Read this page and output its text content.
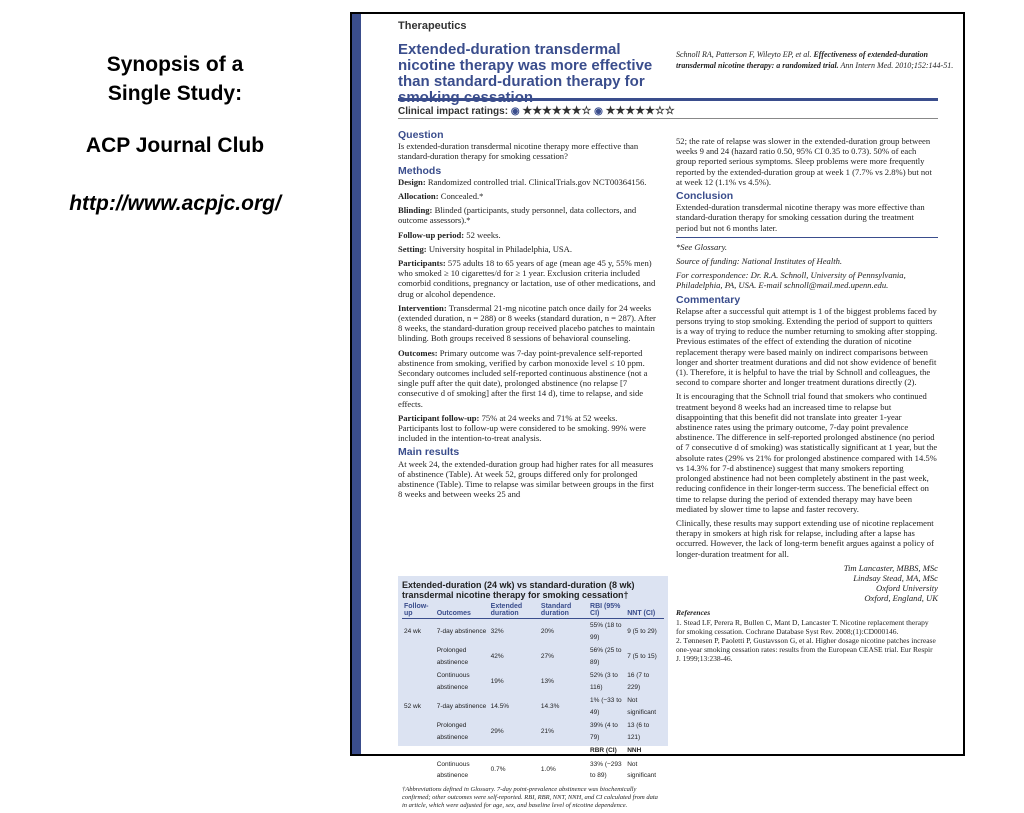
Synopsis of a
Single Study:
ACP Journal Club
http://www.acpjc.org/
Therapeutics
Extended-duration transdermal nicotine therapy was more effective than standard-duration therapy for
Schnoll RA, Patterson F, Wileyto EP, et al. Effectiveness of extended-duration transdermal nicotine therapy: a randomized trial. Ann Intern Med. 2010;152:144-51.
Clinical impact ratings: ◉ ★★★★★★☆ ◉ ★★★★★☆☆
Question

Is extended-duration transdermal nicotine therapy more effective than standard-duration therapy for smoking cessation?

Methods

Design: Randomized controlled trial. ClinicalTrials.gov NCT00364156.

Allocation: Concealed.*

Blinding: Blinded (participants, study personnel, data collectors, and outcome assessors).*

Follow-up period: 52 weeks.

Setting: University hospital in Philadelphia, USA.

Participants: 575 adults 18 to 65 years of age (mean age 45 y, 55% men) who smoked ≥ 10 cigarettes/d for ≥ 1 year. Exclusion criteria included comorbid conditions, pregnancy or lactation, use of other medications, and drug or alcohol dependence.

Intervention: Transdermal 21-mg nicotine patch once daily for 24 weeks (extended duration, n = 288) or 8 weeks (standard duration, n = 287). After 8 weeks, the standard-duration group received placebo patches to maintain blinding. Both groups received 8 sessions of behavioral counseling.

Outcomes: Primary outcome was 7-day point-prevalence self-reported abstinence from smoking, verified by carbon monoxide level ≤ 10 ppm. Secondary outcomes included self-reported continuous abstinence (not a single puff after the quit date), prolonged abstinence (no relapse [7 consecutive d of smoking] after the first 14 d), time to relapse, and side effects.

Participant follow-up: 75% at 24 weeks and 71% at 52 weeks. Participants lost to follow-up were considered to be smoking. 99% were included in the intention-to-treat analysis.

Main results

At week 24, the extended-duration group had higher rates for all measures of abstinence (Table). At week 52, groups differed only for prolonged abstinence (Table). Time to relapse was similar between groups in the first 8 weeks and between weeks 25 and

Extended-duration (24 wk) vs standard-duration (8 wk) transdermal nicotine therapy for smoking cessation†
Follow-up	Outcomes	Extended duration	Standard duration	RBI (95% CI)	NNT (CI)
24 wk	7-day abstinence	32%	20%	55% (18 to 99)	9 (5 to 29)
	Prolonged abstinence	42%	27%	56% (25 to 89)	7 (5 to 15)
	Continuous abstinence	19%	13%	52% (3 to 116)	16 (7 to 229)
52 wk	7-day abstinence	14.5%	14.3%	1% (−33 to 49)	Not significant
	Prolonged abstinence	29%	21%	39% (4 to 79)	13 (6 to 121)
				RBR (CI)	NNH
	Continuous abstinence	0.7%	1.0%	33% (−293 to 89)	Not significant
†Abbreviations defined in Glossary. 7-day point-prevalence abstinence was biochemically confirmed; other outcomes were self-reported. RBI, RBR, NNT, NNH, and CI calculated from data in article, which were adjusted for age, sex, and baseline level of nicotine dependence.

52; the rate of relapse was slower in the extended-duration group between weeks 9 and 24 (hazard ratio 0.50, 95% CI 0.35 to 0.73). 50% of each group reported serious symptoms. Sleep problems were more frequently reported by the extended-duration group at week 1 (7.7% vs 2.8%) but not at week 12 (1.1% vs 4.5%).

Conclusion

Extended-duration transdermal nicotine therapy was more effective than standard-duration therapy for smoking cessation during the treatment period but not 6 months later.

*See Glossary.

Source of funding: National Institutes of Health.

For correspondence: Dr. R.A. Schnoll, University of Pennsylvania, Philadelphia, PA, USA. E-mail schnoll@mail.med.upenn.edu.

Commentary

Relapse after a successful quit attempt is 1 of the biggest problems faced by persons trying to stop smoking. Extending the period of support to quitters is a way of trying to reduce the number returning to smoking after stopping. Previous estimates of the effect of extending the duration of nicotine replacement therapy were based mainly on indirect comparisons between longer and shorter treatment durations and did not show evidence of benefit (1). Therefore, it is helpful to have the trial by Schnoll and colleagues, the second to compare shorter and longer treatment durations directly (2).

It is encouraging that the Schnoll trial found that smokers who continued treatment beyond 8 weeks had an increased time to relapse but disappointing that this benefit did not translate into greater 1-year abstinence rates using the primary outcome, 7-day point prevalence abstinence. The difference in self-reported prolonged abstinence (no period of 7 consecutive d of smoking) was statistically significant at 1 year, but the absolute rates (29% vs 21% for prolonged abstinence compared with 14.5% vs 14.3% for 7-d abstinence) suggest that many smokers reporting prolonged abstinence had not been completely abstinent in the past week, reducing confidence in their longer-term success. The beneficial effect on time to relapse during the period of extended therapy may have been mediated by slower time to lapse and faster recovery.

Clinically, these results may support extending use of nicotine replacement therapy in smokers at high risk for relapse, including after a lapse has occurred. However, the lack of long-term benefit argues against a policy of longer-duration treatment for all.

Tim Lancaster, MBBS, MSc
Lindsay Stead, MA, MSc
Oxford University
Oxford, England, UK
References
1. Stead LF, Perera R, Bullen C, Mant D, Lancaster T. Nicotine replacement therapy for smoking cessation. Cochrane Database Syst Rev. 2008;(1):CD000146.
2. Tønnesen P, Paoletti P, Gustavsson G, et al. Higher dosage nicotine patches increase one-year smoking cessation rates: results from the European CEASE trial. Eur Respir J. 1999;13:238-46.
